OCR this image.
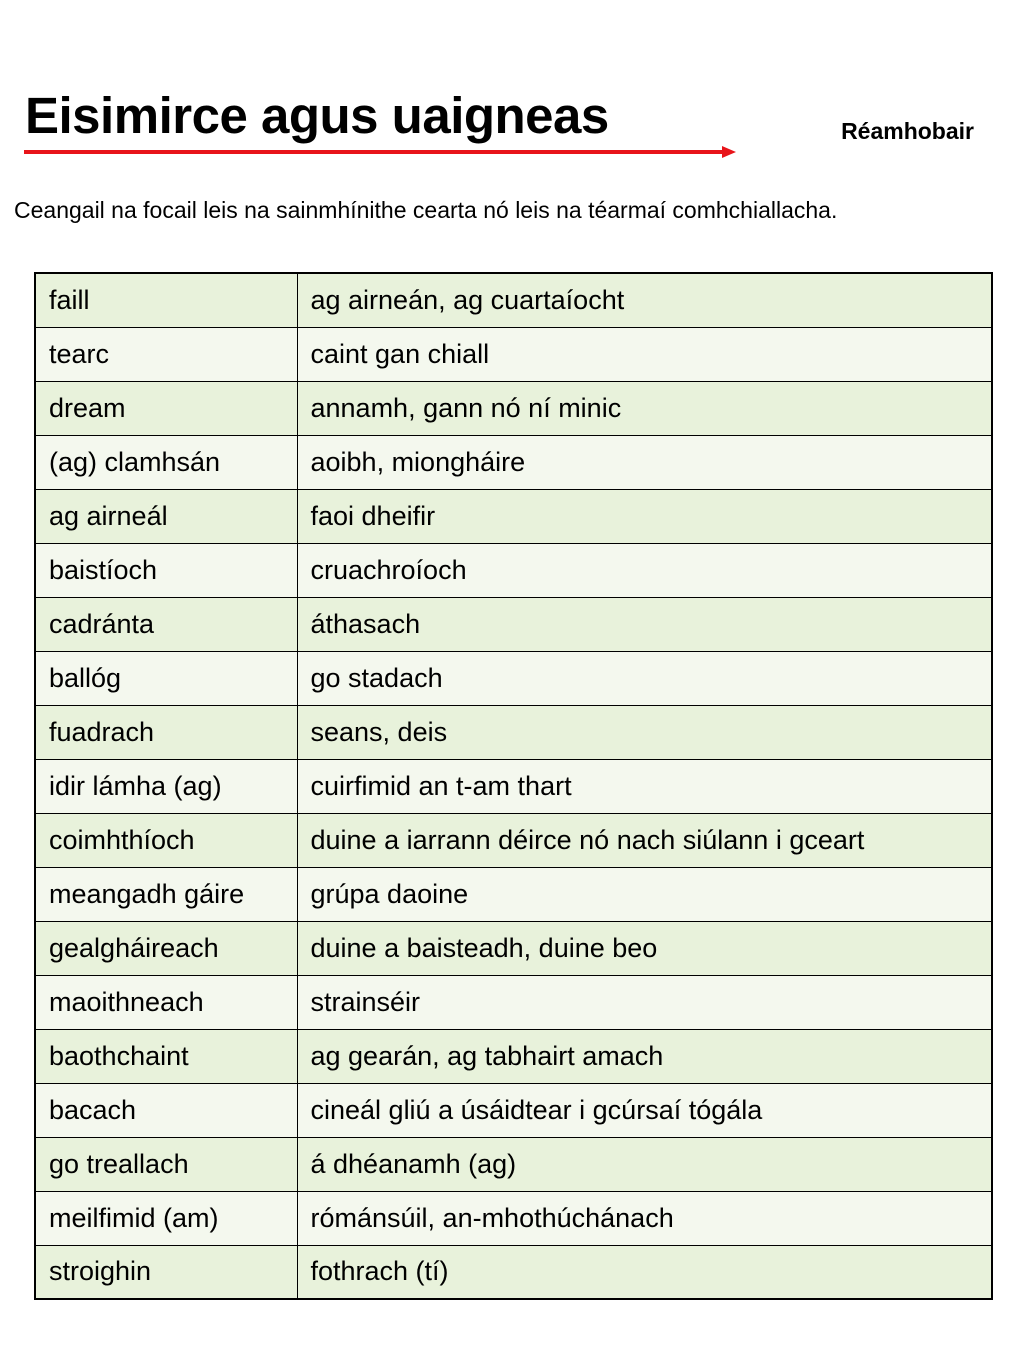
Eisimirce agus uaigneas	Réamhobair

Ceangail na focail leis na sainmhínithe cearta nó leis na téarmaí comhchiallacha.

faill	ag airneán, ag cuartaíocht
tearc	caint gan chiall
dream	annamh, gann nó ní minic
(ag) clamhsán	aoibh, miongháire
ag airneál	faoi dheifir
baistíoch	cruachroíoch
cadránta	áthasach
ballóg	go stadach
fuadrach	seans, deis
idir lámha (ag)	cuirfimid an t-am thart
coimhthíoch	duine a iarrann déirce nó nach siúlann i gceart
meangadh gáire	grúpa daoine
gealgháireach	duine a baisteadh, duine beo
maoithneach	strainséir
baothchaint	ag gearán, ag tabhairt amach
bacach	cineál gliú a úsáidtear i gcúrsaí tógála
go treallach	á dhéanamh (ag)
meilfimid (am)	rómánsúil, an-mhothúchánach
stroighin	fothrach (tí)
